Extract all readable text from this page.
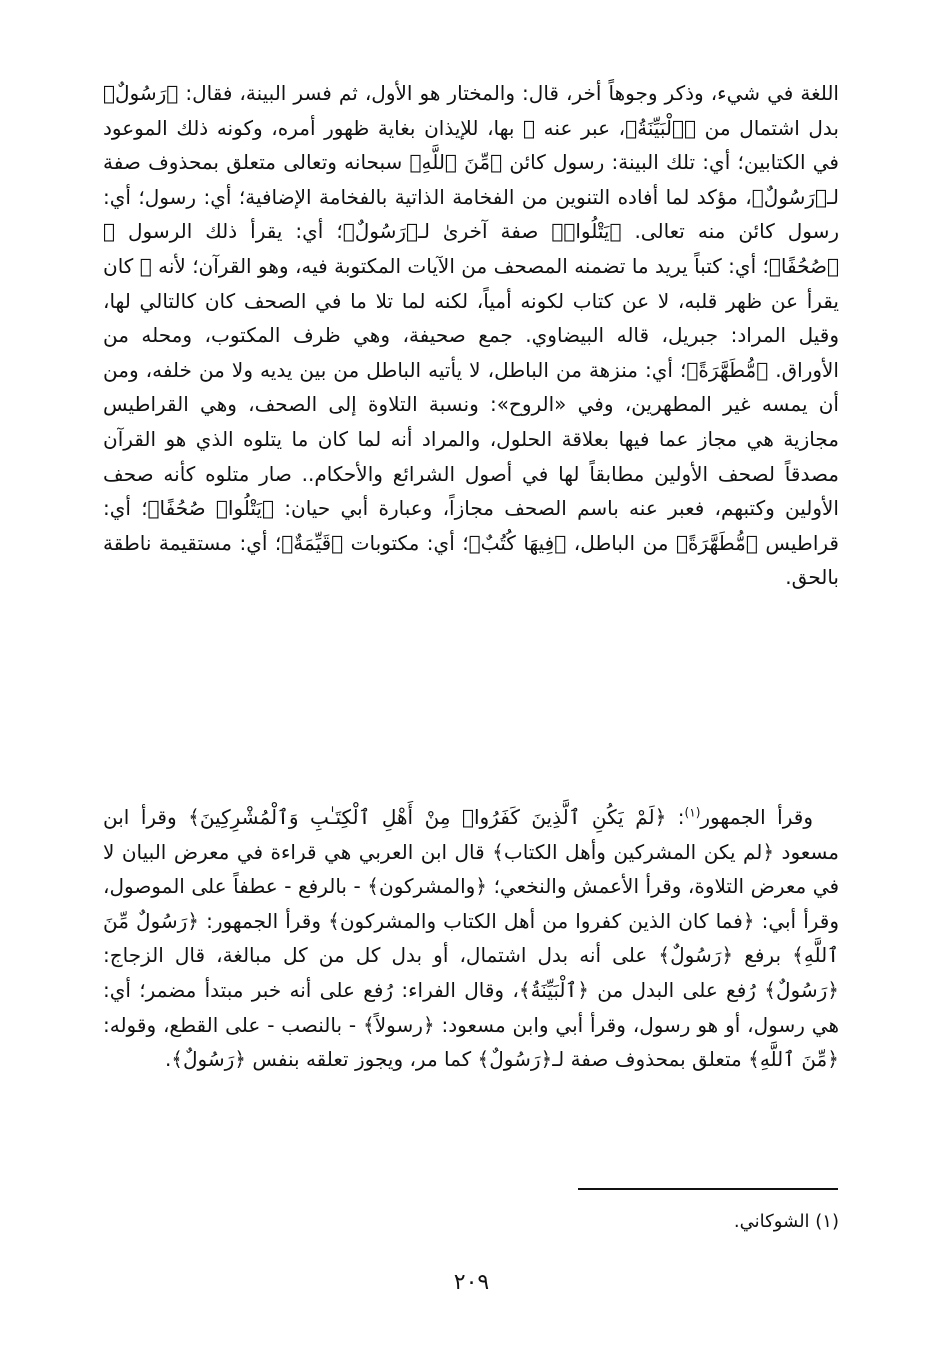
اللغة في شيء، وذكر وجوهاً أخر، قال: والمختار هو الأول، ثم فسر البينة، فقال: ﴿رَسُولٌ﴾ بدل اشتمال من ﴿ٱلْبَيِّنَةُ﴾، عبر عنه ﷺ بها، للإيذان بغاية ظهور أمره، وكونه ذلك الموعود في الكتابين؛ أي: تلك البينة: رسول كائن ﴿مِّنَ ٱللَّهِ﴾ سبحانه وتعالى متعلق بمحذوف صفة لـ﴿رَسُولٌ﴾، مؤكد لما أفاده التنوين من الفخامة الذاتية بالفخامة الإضافية؛ أي: رسول؛ أي: رسول كائن منه تعالى. ﴿يَتْلُوا۟﴾ صفة آخرىٰ لـ﴿رَسُولٌ﴾؛ أي: يقرأ ذلك الرسول ﷺ ﴿صُحُفًا﴾؛ أي: كتباً يريد ما تضمنه المصحف من الآيات المكتوبة فيه، وهو القرآن؛ لأنه ﷺ كان يقرأ عن ظهر قلبه، لا عن كتاب لكونه أمياً، لكنه لما تلا ما في الصحف كان كالتالي لها، وقيل المراد: جبريل، قاله البيضاوي. جمع صحيفة، وهي ظرف المكتوب، ومحله من الأوراق. ﴿مُّطَهَّرَةً﴾؛ أي: منزهة من الباطل، لا يأتيه الباطل من بين يديه ولا من خلفه، ومن أن يمسه غير المطهرين، وفي «الروح»: ونسبة التلاوة إلى الصحف، وهي القراطيس مجازية هي مجاز عما فيها بعلاقة الحلول، والمراد أنه لما كان ما يتلوه الذي هو القرآن مصدقاً لصحف الأولين مطابقاً لها في أصول الشرائع والأحكام.. صار متلوه كأنه صحف الأولين وكتبهم، فعبر عنه باسم الصحف مجازاً، وعبارة أبي حيان: ﴿يَتْلُوا۟ صُحُفًا﴾؛ أي: قراطيس ﴿مُّطَهَّرَةً﴾ من الباطل، ﴿فِيهَا كُتُبٌ﴾؛ أي: مكتوبات ﴿قَيِّمَةٌ﴾؛ أي: مستقيمة ناطقة بالحق.

وقرأ الجمهور$^{(١)}$: ﴿لَمْ يَكُنِ ٱلَّذِينَ كَفَرُوا۟ مِنْ أَهْلِ ٱلْكِتَـٰبِ وَٱلْمُشْرِكِينَ﴾ وقرأ ابن مسعود ﴿لم يكن المشركين وأهل الكتاب﴾ قال ابن العربي هي قراءة في معرض البيان لا في معرض التلاوة، وقرأ الأعمش والنخعي؛ ﴿والمشركون﴾ - بالرفع - عطفاً على الموصول، وقرأ أبي: ﴿فما كان الذين كفروا من أهل الكتاب والمشركون﴾ وقرأ الجمهور: ﴿رَسُولٌ مِّنَ ٱللَّهِ﴾ برفع ﴿رَسُولٌ﴾ على أنه بدل اشتمال، أو بدل كل من كل مبالغة، قال الزجاج: ﴿رَسُولٌ﴾ رُفع على البدل من ﴿ٱلْبَيِّنَةُ﴾، وقال الفراء: رُفع على أنه خبر مبتدأ مضمر؛ أي: هي رسول، أو هو رسول، وقرأ أبي وابن مسعود: ﴿رسولاً﴾ - بالنصب - على القطع، وقوله: ﴿مِّنَ ٱللَّهِ﴾ متعلق بمحذوف صفة لـ﴿رَسُولٌ﴾ كما مر، ويجوز تعلقه بنفس ﴿رَسُولٌ﴾.

(١) الشوكاني.

٢٠٩
